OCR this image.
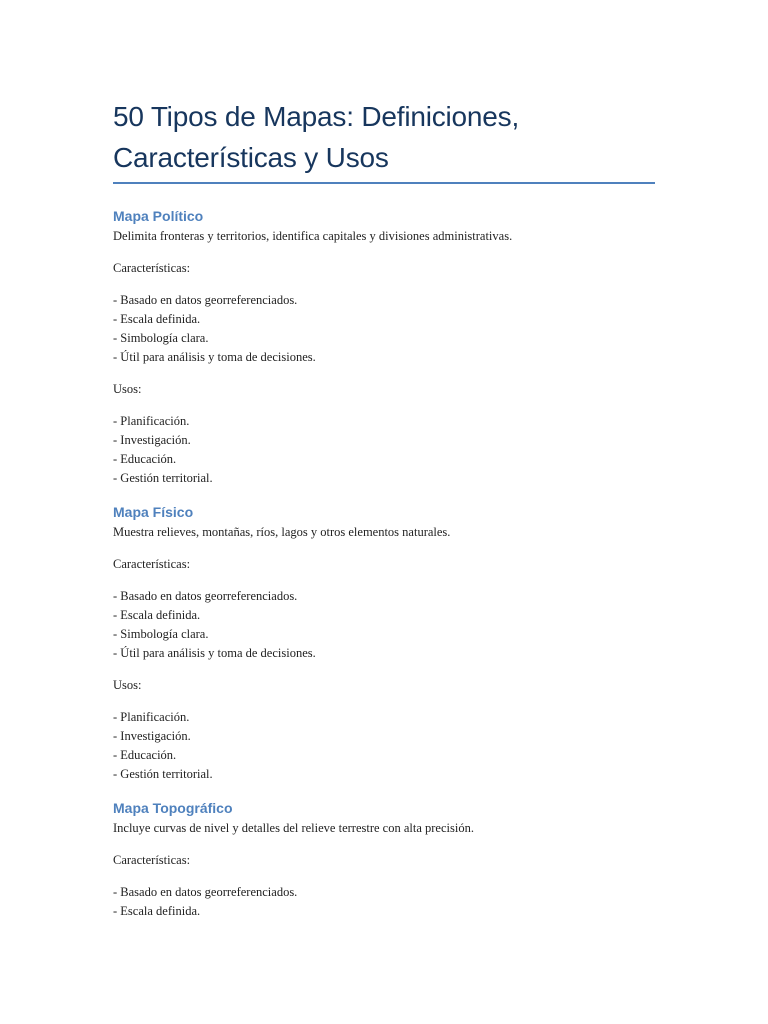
50 Tipos de Mapas: Definiciones,
Características y Usos
Mapa Político

Delimita fronteras y territorios, identifica capitales y divisiones administrativas.

Características:

- Basado en datos georreferenciados.
- Escala definida.
- Simbología clara.
- Útil para análisis y toma de decisiones.

Usos:

- Planificación.
- Investigación.
- Educación.
- Gestión territorial.
Mapa Físico

Muestra relieves, montañas, ríos, lagos y otros elementos naturales.

Características:

- Basado en datos georreferenciados.
- Escala definida.
- Simbología clara.
- Útil para análisis y toma de decisiones.

Usos:

- Planificación.
- Investigación.
- Educación.
- Gestión territorial.
Mapa Topográfico

Incluye curvas de nivel y detalles del relieve terrestre con alta precisión.

Características:

- Basado en datos georreferenciados.
- Escala definida.
